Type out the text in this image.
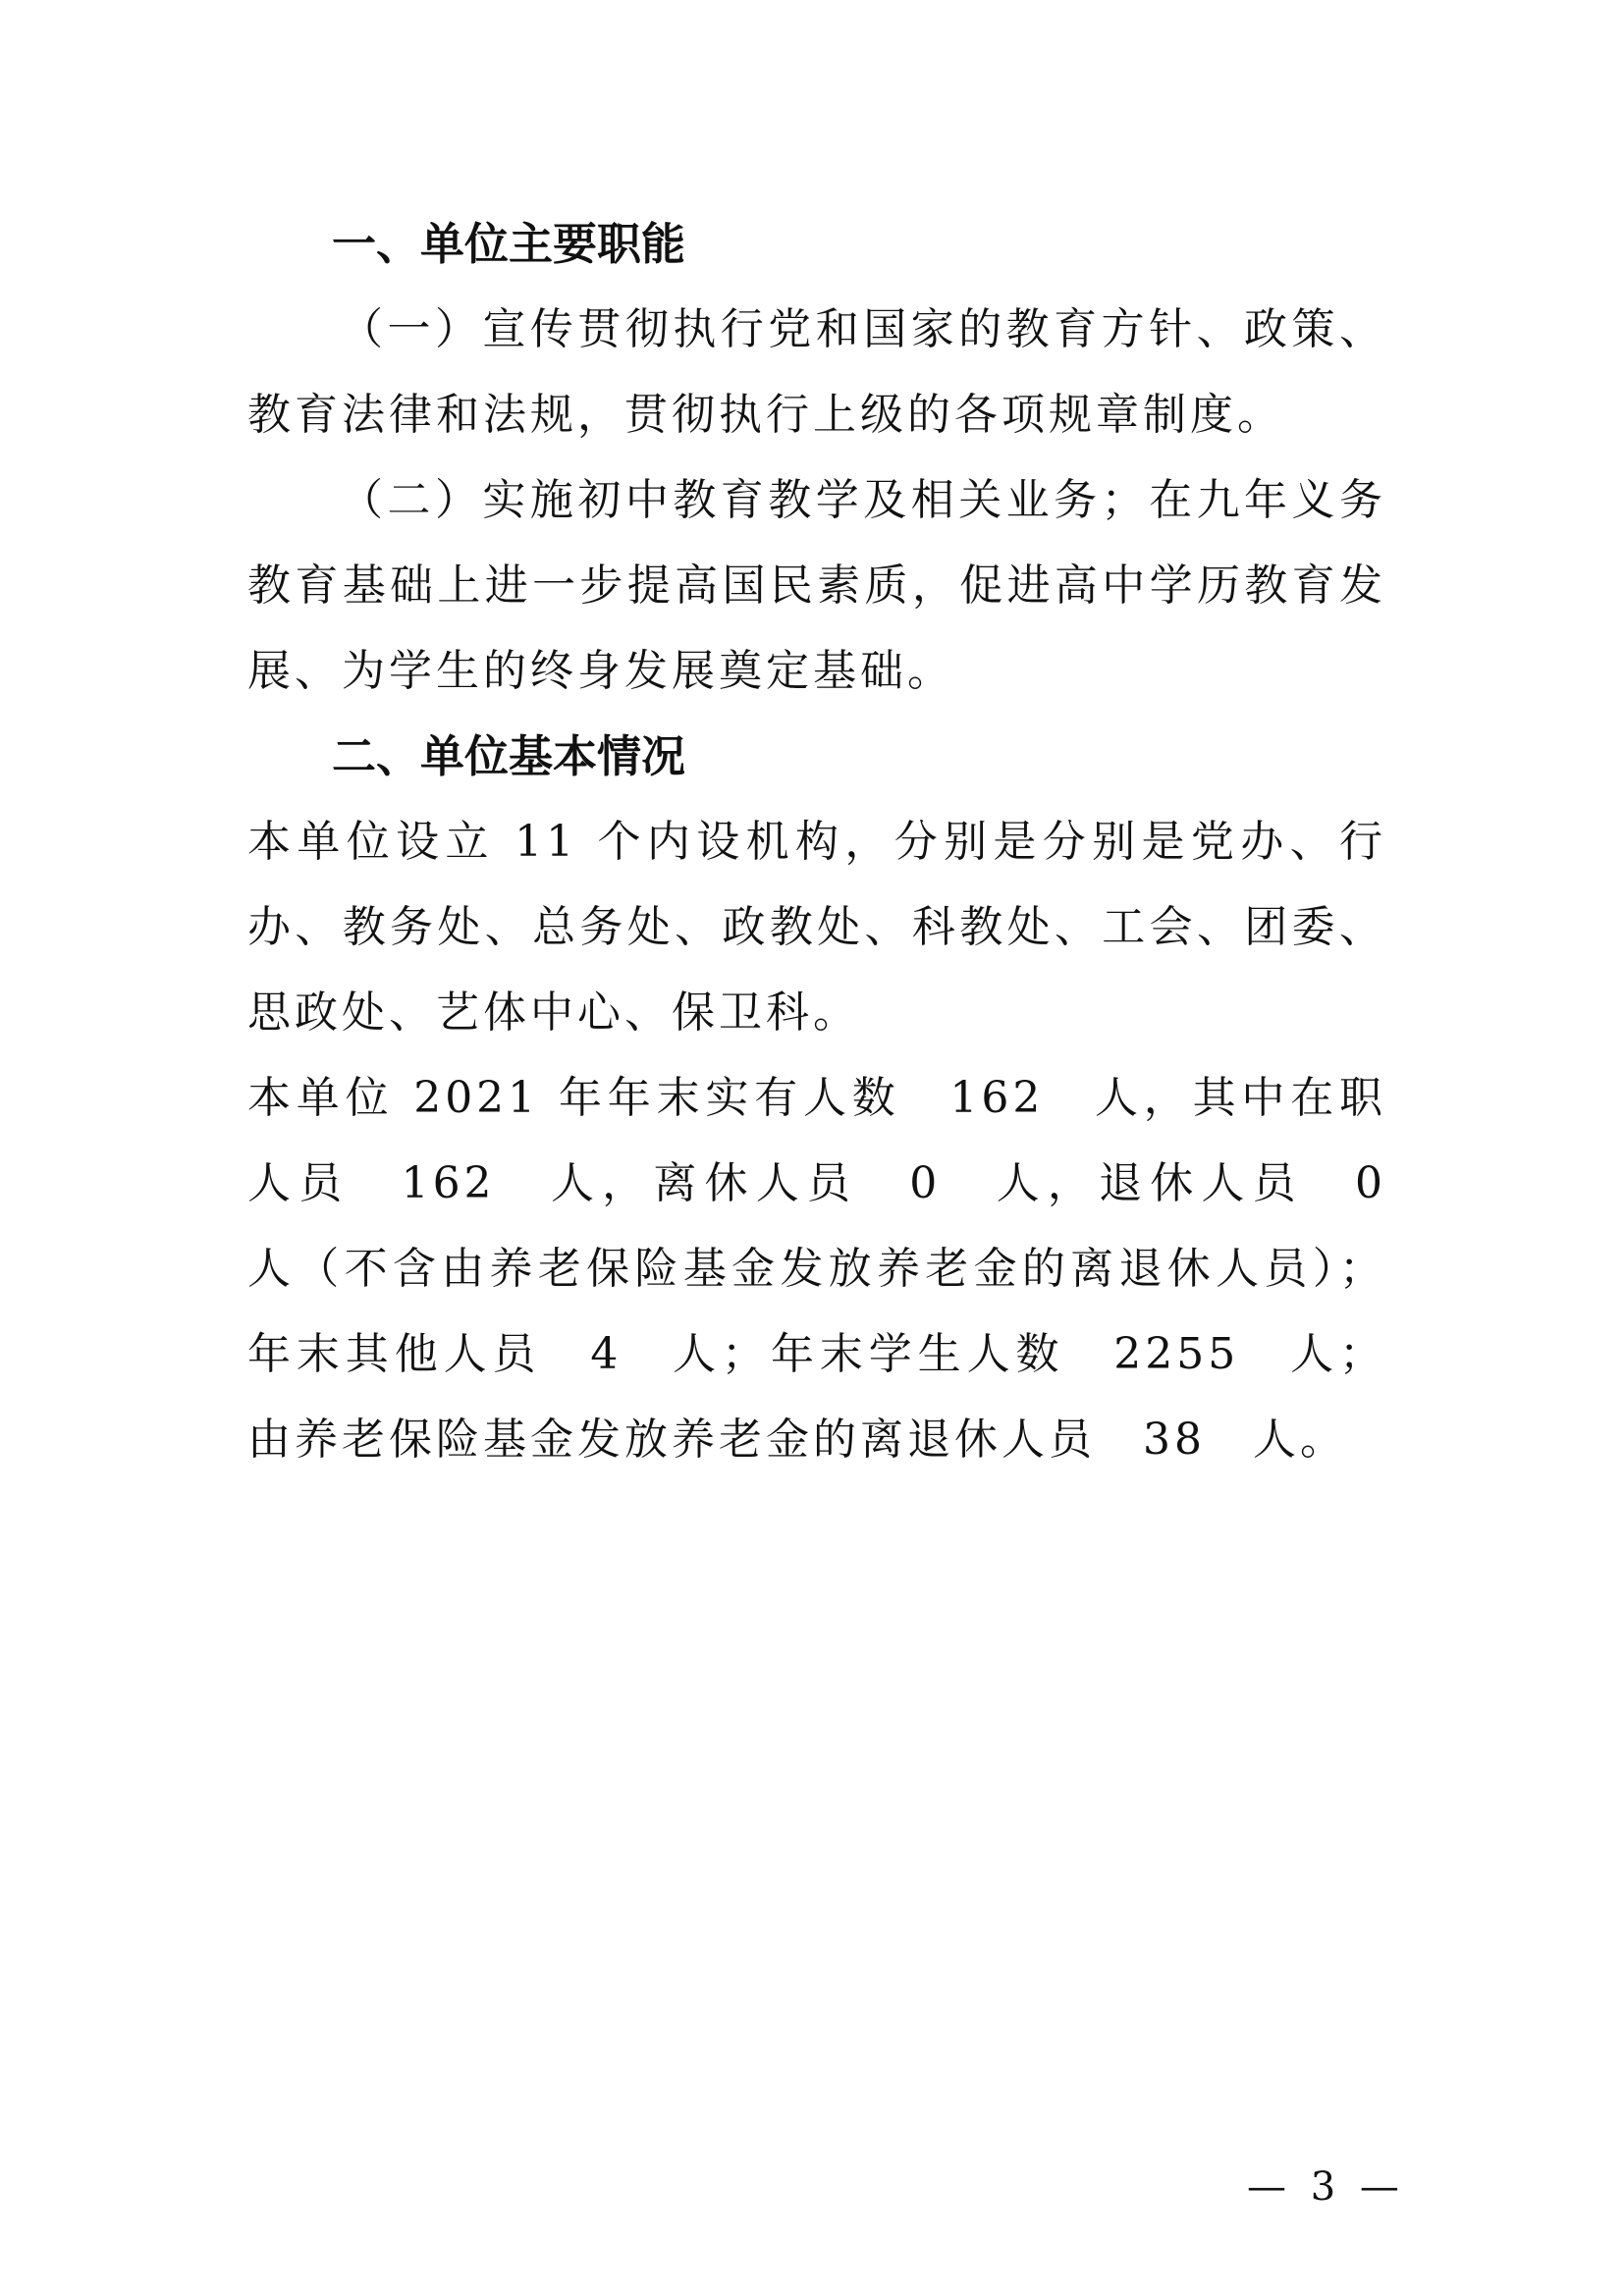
一、单位主要职能

（一）宣传贯彻执行党和国家的教育方针、政策、教育法律和法规，贯彻执行上级的各项规章制度。

（二）实施初中教育教学及相关业务；在九年义务教育基础上进一步提高国民素质，促进高中学历教育发展、为学生的终身发展奠定基础。

二、单位基本情况

本单位设立 11 个内设机构，分别是分别是党办、行办、教务处、总务处、政教处、科教处、工会、团委、思政处、艺体中心、保卫科。

本单位 2021 年年末实有人数　162　人，其中在职人员　162　人，离休人员　0　人，退休人员　0　人（不含由养老保险基金发放养老金的离退休人员）；年末其他人员　4　人；年末学生人数　2255　人；由养老保险基金发放养老金的离退休人员　38　人。

— 3 —
